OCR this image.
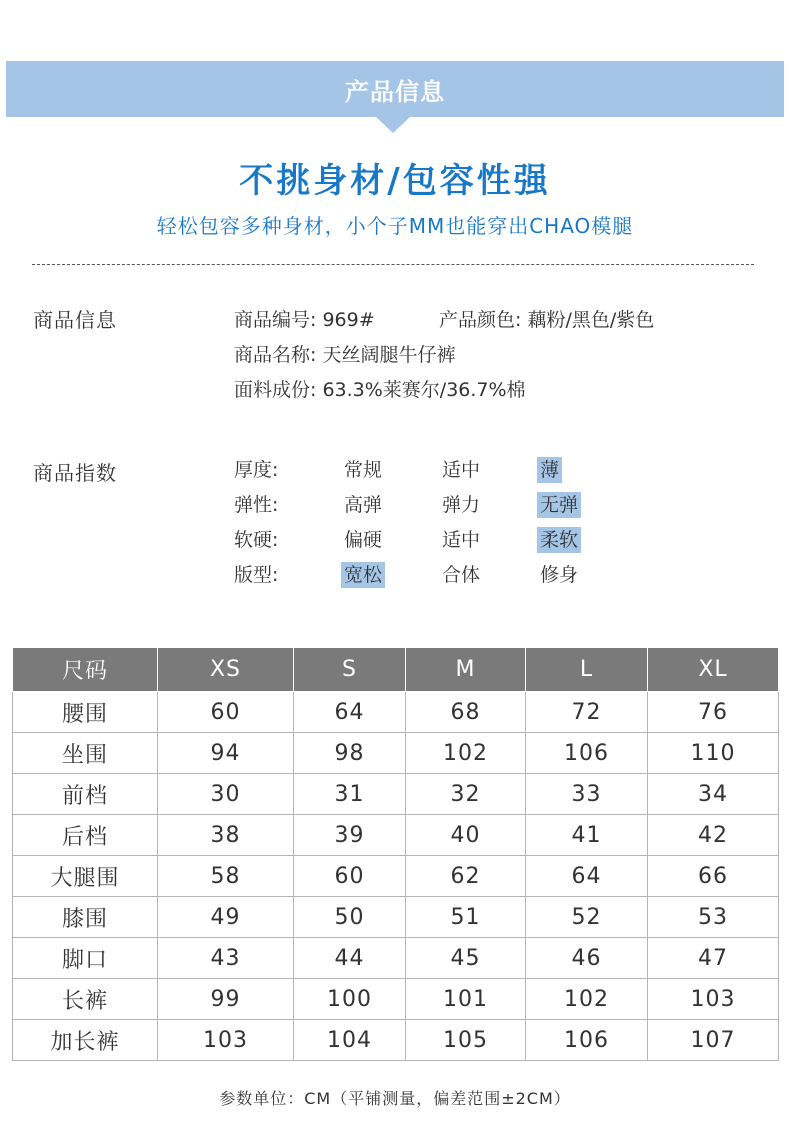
产品信息
不挑身材/包容性强
轻松包容多种身材，小个子MM也能穿出CHAO模腿
商品信息	商品编号: 969#	产品颜色: 藕粉/黑色/紫色
商品名称: 天丝阔腿牛仔裤
面料成份: 63.3%莱赛尔/36.7%棉
商品指数	厚度:	常规	适中	薄
弹性:	高弹	弹力	无弹
软硬:	偏硬	适中	柔软
版型:	宽松	合体	修身
尺码	XS	S	M	L	XL
腰围	60	64	68	72	76
坐围	94	98	102	106	110
前档	30	31	32	33	34
后档	38	39	40	41	42
大腿围	58	60	62	64	66
膝围	49	50	51	52	53
脚口	43	44	45	46	47
长裤	99	100	101	102	103
加长裤	103	104	105	106	107
参数单位：CM（平铺测量，偏差范围±2CM）
